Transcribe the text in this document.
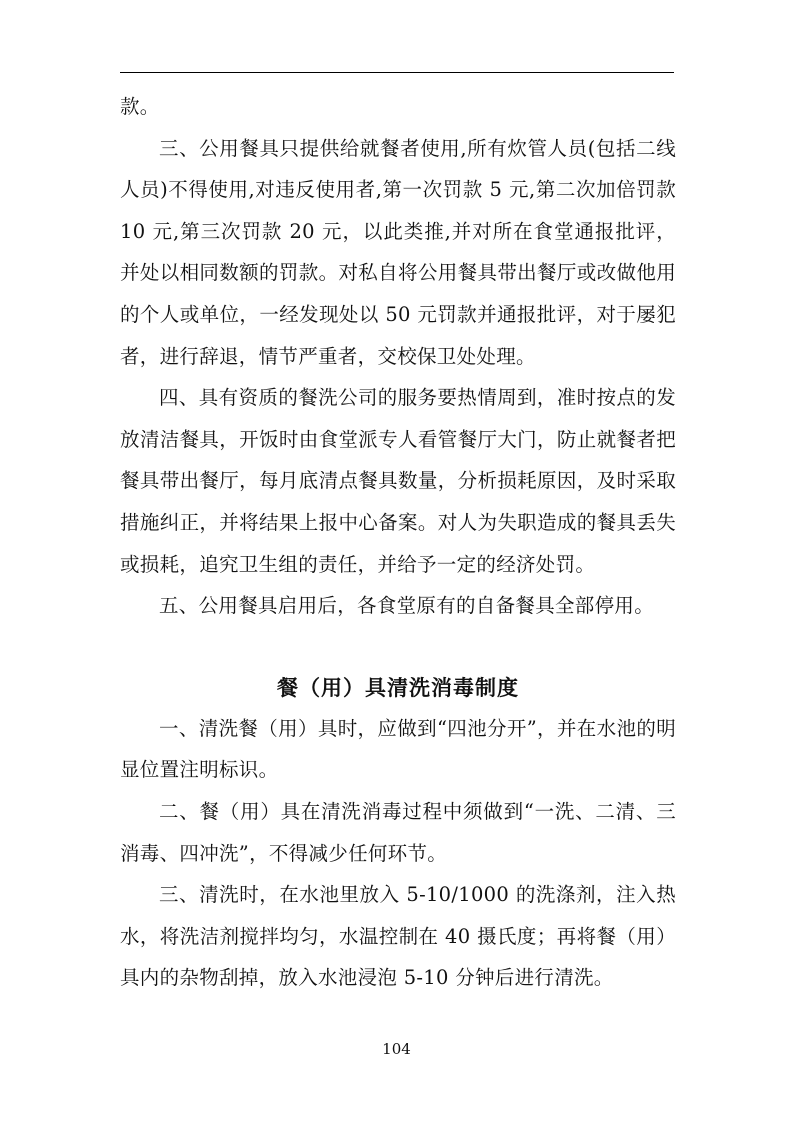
款。

三、公用餐具只提供给就餐者使用,所有炊管人员(包括二线人员)不得使用,对违反使用者,第一次罚款 5 元,第二次加倍罚款 10 元,第三次罚款 20 元，以此类推,并对所在食堂通报批评，并处以相同数额的罚款。对私自将公用餐具带出餐厅或改做他用的个人或单位，一经发现处以 50 元罚款并通报批评，对于屡犯者，进行辞退，情节严重者，交校保卫处处理。

四、具有资质的餐洗公司的服务要热情周到，准时按点的发放清洁餐具，开饭时由食堂派专人看管餐厅大门，防止就餐者把餐具带出餐厅，每月底清点餐具数量，分析损耗原因，及时采取措施纠正，并将结果上报中心备案。对人为失职造成的餐具丢失或损耗，追究卫生组的责任，并给予一定的经济处罚。

五、公用餐具启用后，各食堂原有的自备餐具全部停用。

餐（用）具清洗消毒制度

一、清洗餐（用）具时，应做到“四池分开”，并在水池的明显位置注明标识。

二、餐（用）具在清洗消毒过程中须做到“一洗、二清、三消毒、四冲洗”，不得减少任何环节。

三、清洗时，在水池里放入 5-10/1000 的洗涤剂，注入热水，将洗洁剂搅拌均匀，水温控制在 40 摄氏度；再将餐（用）具内的杂物刮掉，放入水池浸泡 5-10 分钟后进行清洗。

104
